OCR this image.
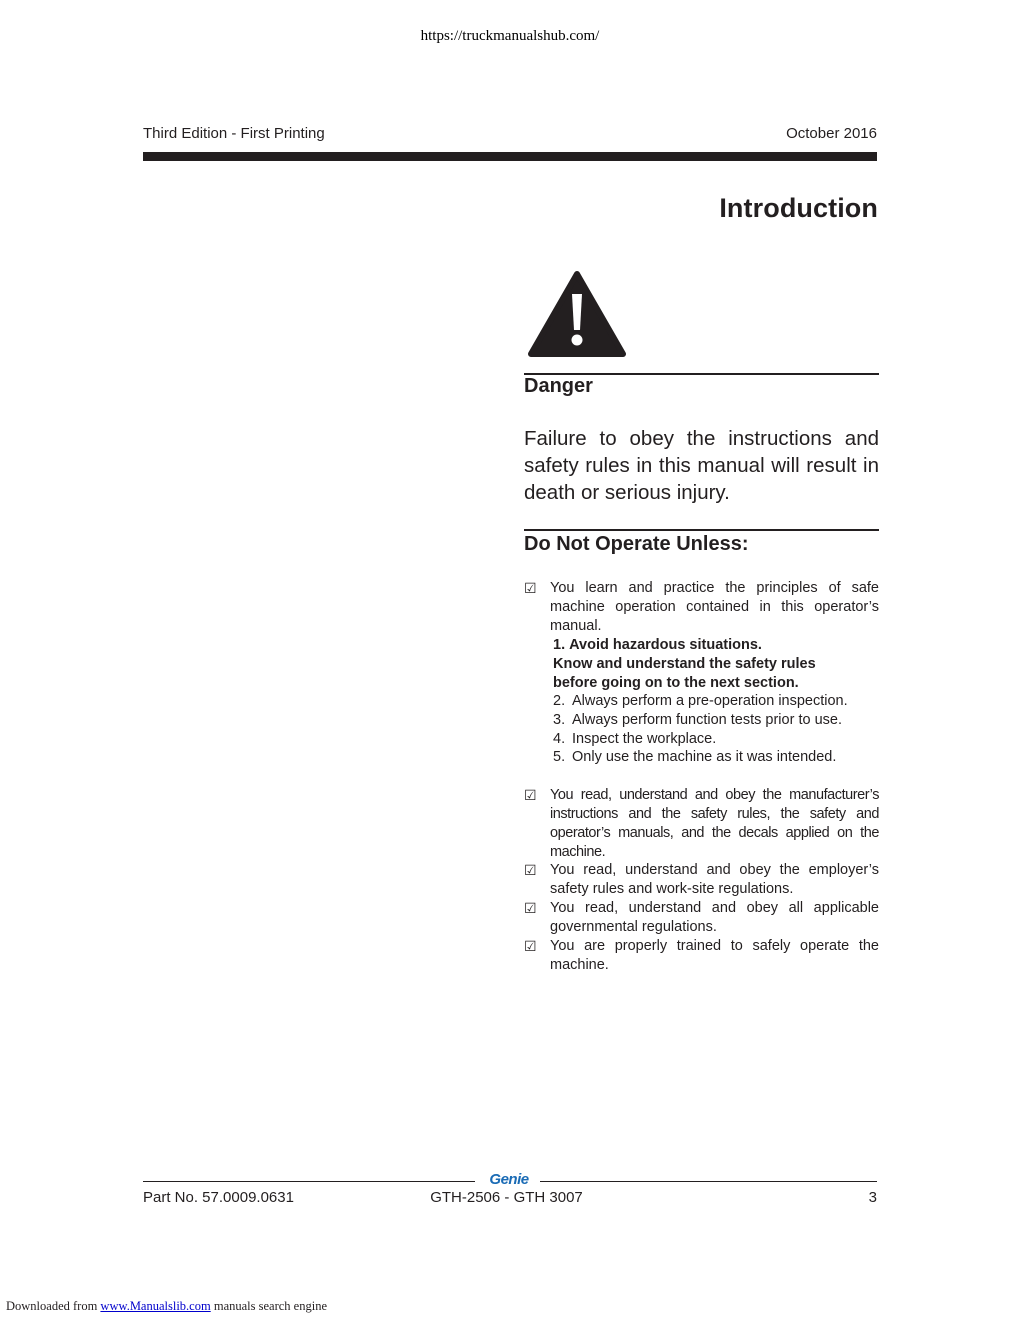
https://truckmanualshub.com/
Third Edition - First Printing	October 2016
Introduction
Danger
Failure to obey the instructions and safety rules in this manual will result in death or serious injury.
Do Not Operate Unless:
☑ You learn and practice the principles of safe machine operation contained in this operator’s manual.
1. Avoid hazardous situations.
Know and understand the safety rules
before going on to the next section.
2. Always perform a pre-operation inspection.
3. Always perform function tests prior to use.
4. Inspect the workplace.
5. Only use the machine as it was intended.
☑ You read, understand and obey the manufacturer’s instructions and the safety rules, the safety and operator’s manuals, and the decals applied on the machine.
☑ You read, understand and obey the employer’s safety rules and work-site regulations.
☑ You read, understand and obey all applicable governmental regulations.
☑ You are properly trained to safely operate the machine.
Genie
Part No. 57.0009.0631	GTH-2506 - GTH 3007	3
Downloaded from www.Manualslib.com manuals search engine
